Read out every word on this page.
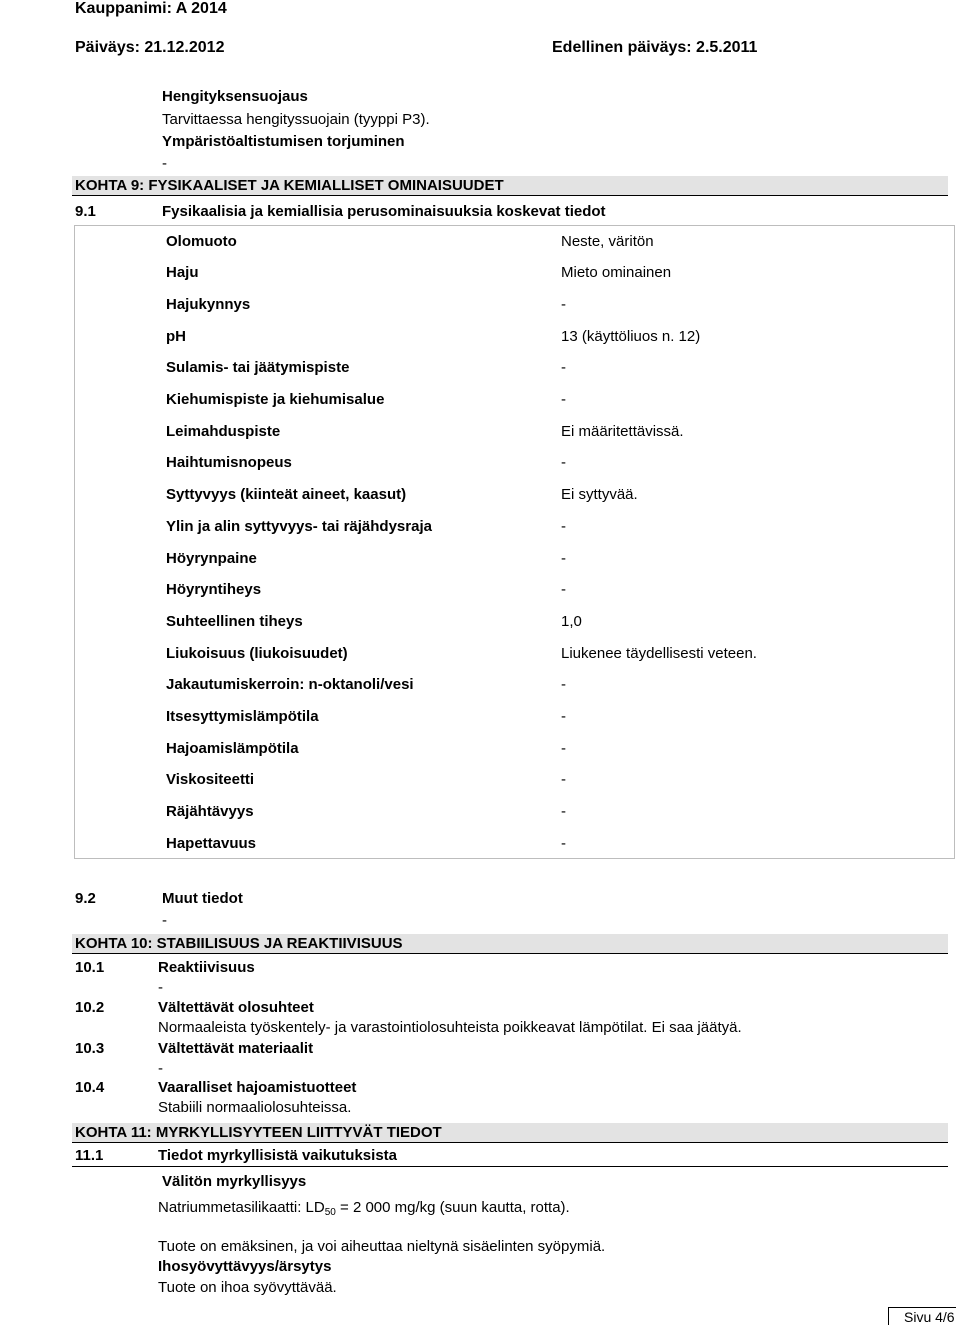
Kauppanimi: A 2014
Päiväys: 21.12.2012	Edellinen päiväys: 2.5.2011
Hengityksensuojaus
Tarvittaessa hengityssuojain (tyyppi P3).
Ympäristöaltistumisen torjuminen
-
KOHTA 9: FYSIKAALISET JA KEMIALLISET OMINAISUUDET
9.1	Fysikaalisia ja kemiallisia perusominaisuuksia koskevat tiedot
Olomuoto	Neste, väritön
Haju	Mieto ominainen
Hajukynnys	-
pH	13 (käyttöliuos n. 12)
Sulamis- tai jäätymispiste	-
Kiehumispiste ja kiehumisalue	-
Leimahduspiste	Ei määritettävissä.
Haihtumisnopeus	-
Syttyvyys (kiinteät aineet, kaasut)	Ei syttyvää.
Ylin ja alin syttyvyys- tai räjähdysraja	-
Höyrynpaine	-
Höyryntiheys	-
Suhteellinen tiheys	1,0
Liukoisuus (liukoisuudet)	Liukenee täydellisesti veteen.
Jakautumiskerroin: n-oktanoli/vesi	-
Itsesyttymislämpötila	-
Hajoamislämpötila	-
Viskositeetti	-
Räjähtävyys	-
Hapettavuus	-
9.2	Muut tiedot
-
KOHTA 10: STABIILISUUS JA REAKTIIVISUUS
10.1	Reaktiivisuus
-
10.2	Vältettävät olosuhteet
Normaaleista työskentely- ja varastointiolosuhteista poikkeavat lämpötilat. Ei saa jäätyä.
10.3	Vältettävät materiaalit
-
10.4	Vaaralliset hajoamistuotteet
Stabiili normaaliolosuhteissa.
KOHTA 11: MYRKYLLISYYTEEN LIITTYVÄT TIEDOT
11.1	Tiedot myrkyllisistä vaikutuksista
Välitön myrkyllisyys
Natriummetasilikaatti: $LD_{50} = 2$ 000 mg/kg (suun kautta, rotta).
Tuote on emäksinen, ja voi aiheuttaa nieltynä sisäelinten syöpymiä.
Ihosyövyttävyys/ärsytys
Tuote on ihoa syövyttävää.
Sivu 4/6
